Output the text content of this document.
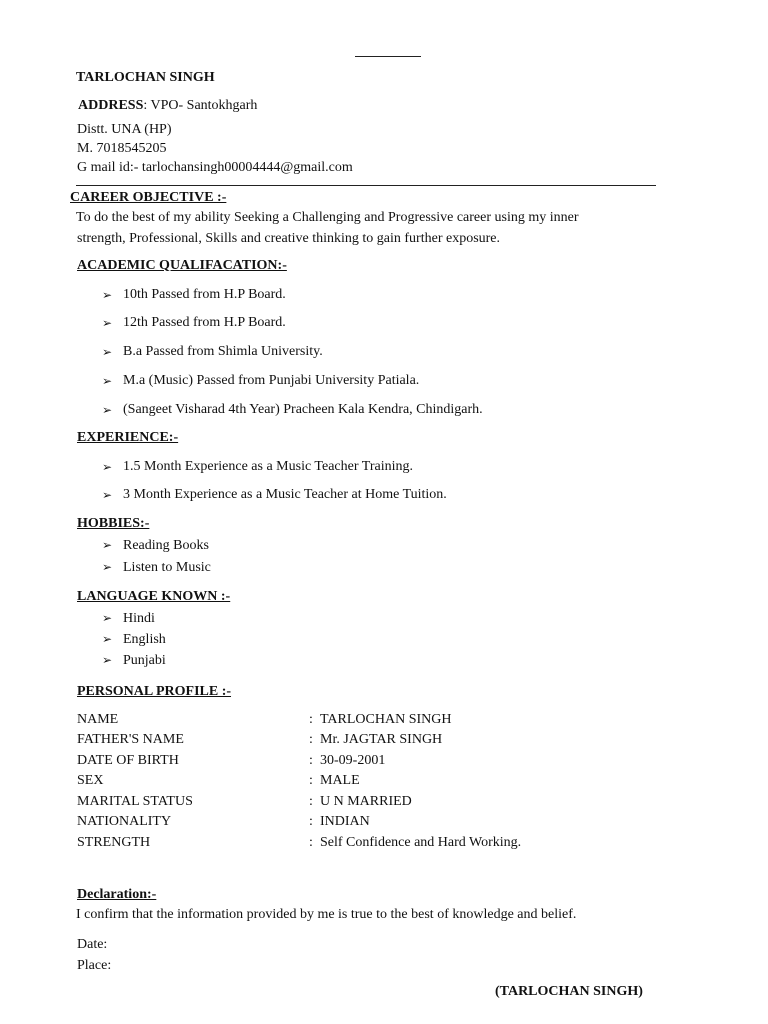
TARLOCHAN SINGH
ADDRESS: VPO- Santokhgarh
Distt. UNA (HP)
M. 7018545205
G mail id:- tarlochansingh00004444@gmail.com
CAREER OBJECTIVE :-
To do the best of my ability Seeking a Challenging and Progressive career using my inner
strength, Professional, Skills and creative thinking to gain further exposure.
ACADEMIC QUALIFACATION:-
➢ 10th Passed from H.P Board.
➢ 12th Passed from H.P Board.
➢ B.a Passed from Shimla University.
➢ M.a (Music) Passed from Punjabi University Patiala.
➢ (Sangeet Visharad 4th Year) Pracheen Kala Kendra, Chindigarh.
EXPERIENCE:-
➢ 1.5 Month Experience as a Music Teacher Training.
➢ 3 Month Experience as a Music Teacher at Home Tuition.
HOBBIES:-
➢ Reading Books
➢ Listen to Music
LANGUAGE KNOWN :-
➢ Hindi
➢ English
➢ Punjabi
PERSONAL PROFILE :-
NAME	: TARLOCHAN SINGH
FATHER'S NAME	: Mr. JAGTAR SINGH
DATE OF BIRTH	: 30-09-2001
SEX	: MALE
MARITAL STATUS	: U N MARRIED
NATIONALITY	: INDIAN
STRENGTH	: Self Confidence and Hard Working.
Declaration:-
I confirm that the information provided by me is true to the best of knowledge and belief.
Date:
Place:
(TARLOCHAN SINGH)
